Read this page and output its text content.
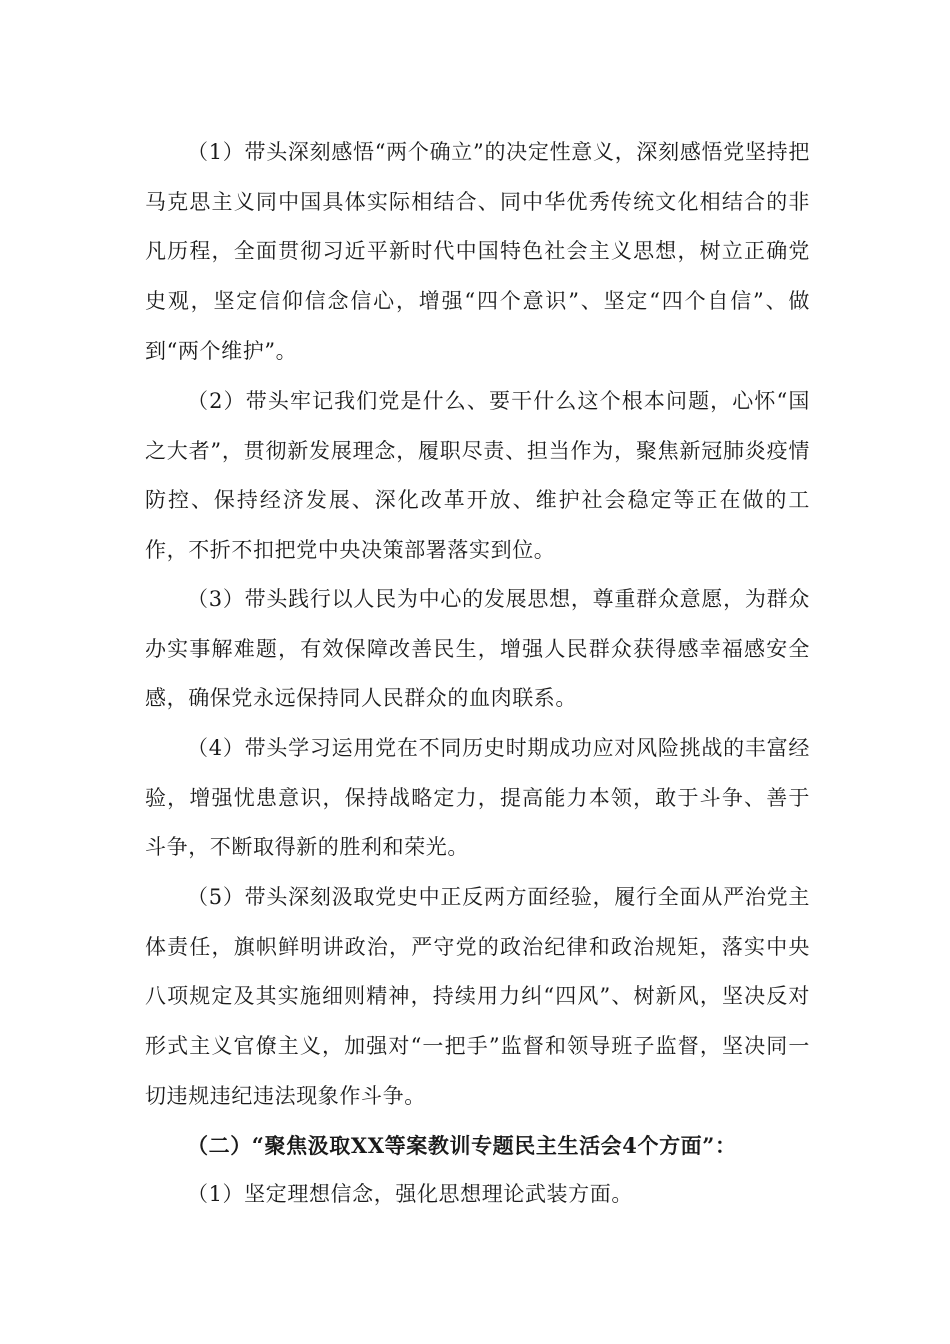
（1）带头深刻感悟“两个确立”的决定性意义，深刻感悟党坚持把马克思主义同中国具体实际相结合、同中华优秀传统文化相结合的非凡历程，全面贯彻习近平新时代中国特色社会主义思想，树立正确党史观，坚定信仰信念信心，增强“四个意识”、坚定“四个自信”、做到“两个维护”。

（2）带头牢记我们党是什么、要干什么这个根本问题，心怀“国之大者”，贯彻新发展理念，履职尽责、担当作为，聚焦新冠肺炎疫情防控、保持经济发展、深化改革开放、维护社会稳定等正在做的工作，不折不扣把党中央决策部署落实到位。

（3）带头践行以人民为中心的发展思想，尊重群众意愿，为群众办实事解难题，有效保障改善民生，增强人民群众获得感幸福感安全感，确保党永远保持同人民群众的血肉联系。

（4）带头学习运用党在不同历史时期成功应对风险挑战的丰富经验，增强忧患意识，保持战略定力，提高能力本领，敢于斗争、善于斗争，不断取得新的胜利和荣光。

（5）带头深刻汲取党史中正反两方面经验，履行全面从严治党主体责任，旗帜鲜明讲政治，严守党的政治纪律和政治规矩，落实中央八项规定及其实施细则精神，持续用力纠“四风”、树新风，坚决反对形式主义官僚主义，加强对“一把手”监督和领导班子监督，坚决同一切违规违纪违法现象作斗争。

（二）“聚焦汲取XX等案教训专题民主生活会4个方面”：

（1）坚定理想信念，强化思想理论武装方面。
